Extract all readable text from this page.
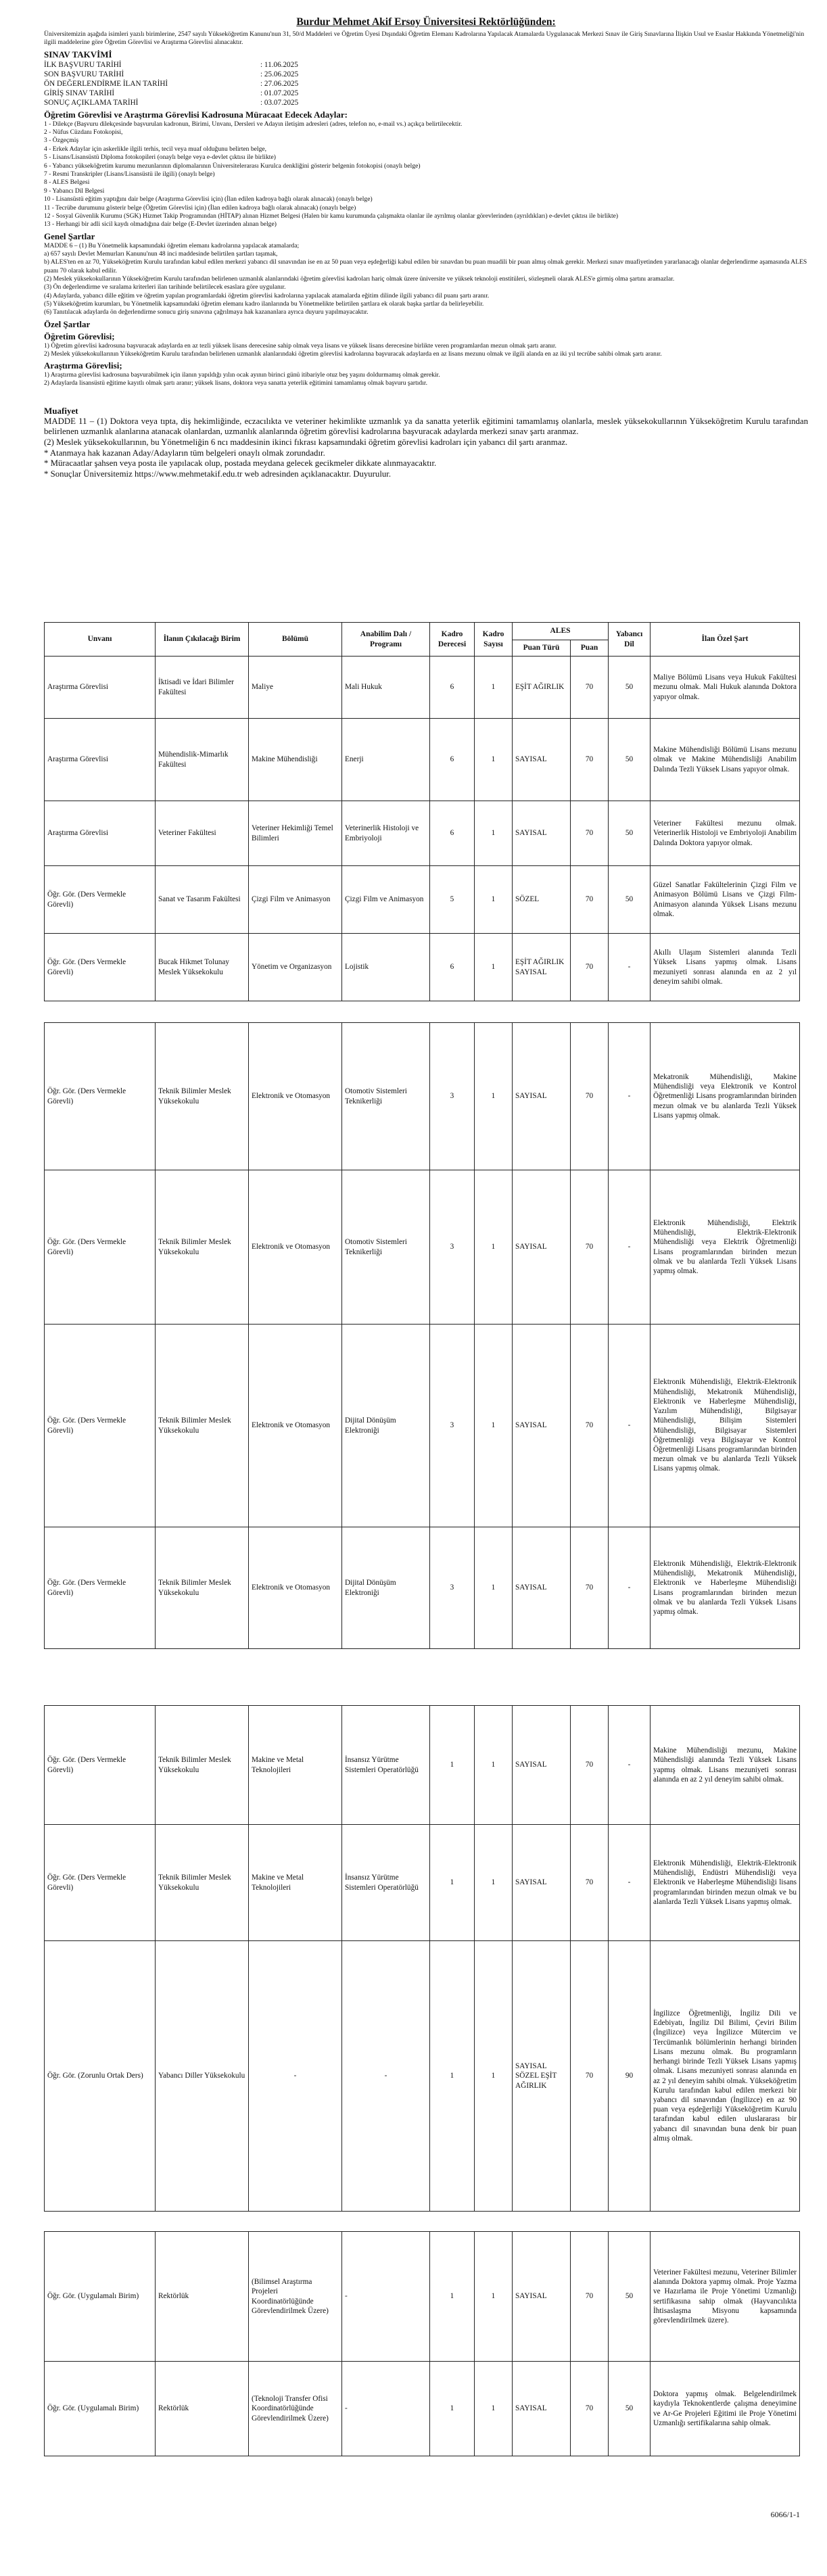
Burdur Mehmet Akif Ersoy Üniversitesi Rektörlüğünden:

Üniversitemizin aşağıda isimleri yazılı birimlerine, 2547 sayılı Yükseköğretim Kanunu'nun 31, 50/d Maddeleri ve Öğretim Üyesi Dışındaki Öğretim Elemanı Kadrolarına Yapılacak Atamalarda Uygulanacak Merkezi Sınav ile Giriş Sınavlarına İlişkin Usul ve Esaslar Hakkında Yönetmeliği'nin ilgili maddelerine göre Öğretim Görevlisi ve Araştırma Görevlisi alınacaktır.

SINAV TAKVİMİ
İLK BAŞVURU TARİHİ	: 11.06.2025
SON BAŞVURU TARİHİ	: 25.06.2025
ÖN DEĞERLENDİRME İLAN TARİHİ	: 27.06.2025
GİRİŞ SINAV TARİHİ	: 01.07.2025
SONUÇ AÇIKLAMA TARİHİ	: 03.07.2025
Öğretim Görevlisi ve Araştırma Görevlisi Kadrosuna Müracaat Edecek Adaylar:
1 - Dilekçe (Başvuru dilekçesinde başvurulan kadronun, Birimi, Unvanı, Dersleri ve Adayın iletişim adresleri (adres, telefon no, e-mail vs.) açıkça belirtilecektir.
2 - Nüfus Cüzdanı Fotokopisi,
3 - Özgeçmiş
4 - Erkek Adaylar için askerlikle ilgili terhis, tecil veya muaf olduğunu belirten belge,
5 - Lisans/Lisansüstü Diploma fotokopileri (onaylı belge veya e-devlet çıktısı ile birlikte)
6 - Yabancı yükseköğretim kurumu mezunlarının diplomalarının Üniversitelerarası Kurulca denkliğini gösterir belgenin fotokopisi (onaylı belge)
7 - Resmi Transkripler (Lisans/Lisansüstü ile ilgili) (onaylı belge)
8 - ALES Belgesi
9 - Yabancı Dil Belgesi
10 - Lisansüstü eğitim yaptığını dair belge (Araştırma Görevlisi için) (İlan edilen kadroya bağlı olarak alınacak) (onaylı belge)
11 - Tecrübe durumunu gösterir belge (Öğretim Görevlisi için) (İlan edilen kadroya bağlı olarak alınacak) (onaylı belge)
12 - Sosyal Güvenlik Kurumu (SGK) Hizmet Takip Programından (HİTAP) alınan Hizmet Belgesi (Halen bir kamu kurumunda çalışmakta olanlar ile ayrılmış olanlar görevlerinden (ayrıldıkları) e-devlet çıktısı ile birlikte)
13 - Herhangi bir adli sicil kaydı olmadığına dair belge (E-Devlet üzerinden alınan belge)
Genel Şartlar
MADDE 6 – (1) Bu Yönetmelik kapsamındaki öğretim elemanı kadrolarına yapılacak atamalarda;
a) 657 sayılı Devlet Memurları Kanunu'nun 48 inci maddesinde belirtilen şartları taşımak,
b) ALES'ten en az 70, Yükseköğretim Kurulu tarafından kabul edilen merkezi yabancı dil sınavından ise en az 50 puan veya eşdeğerliği kabul edilen bir sınavdan bu puan muadili bir puan almış olmak gerekir. Merkezi sınav muafiyetinden yararlanacağı olanlar değerlendirme aşamasında ALES puanı 70 olarak kabul edilir.
(2) Meslek yüksekokullarının Yükseköğretim Kurulu tarafından belirlenen uzmanlık alanlarındaki öğretim görevlisi kadroları hariç olmak üzere üniversite ve yüksek teknoloji enstitüleri, sözleşmeli olarak ALES'e girmiş olma şartını aramazlar.
(3) Ön değerlendirme ve sıralama kriterleri ilan tarihinde belirtilecek esaslara göre uygulanır.
(4) Adaylarda, yabancı dille eğitim ve öğretim yapılan programlardaki öğretim görevlisi kadrolarına yapılacak atamalarda eğitim dilinde ilgili yabancı dil puanı şartı aranır.
(5) Yükseköğretim kurumları, bu Yönetmelik kapsamındaki öğretim elemanı kadro ilanlarında bu Yönetmelikte belirtilen şartlara ek olarak başka şartlar da belirleyebilir.
(6) Tanıtılacak adaylarda ön değerlendirme sonucu giriş sınavına çağrılmaya hak kazananlara ayrıca duyuru yapılmayacaktır.
Özel Şartlar
Öğretim Görevlisi;
1) Öğretim görevlisi kadrosuna başvuracak adaylarda en az tezli yüksek lisans derecesine sahip olmak veya lisans ve yüksek lisans derecesine birlikte veren programlardan mezun olmak şartı aranır.
2) Meslek yüksekokullarının Yükseköğretim Kurulu tarafından belirlenen uzmanlık alanlarındaki öğretim görevlisi kadrolarına başvuracak adaylarda en az lisans mezunu olmak ve ilgili alanda en az iki yıl tecrübe sahibi olmak şartı aranır.
Araştırma Görevlisi;
1) Araştırma görevlisi kadrosuna başvurabilmek için ilanın yapıldığı yılın ocak ayının birinci günü itibariyle otuz beş yaşını doldurmamış olmak gerekir.
2) Adaylarda lisansüstü eğitime kayıtlı olmak şartı aranır; yüksek lisans, doktora veya sanatta yeterlik eğitimini tamamlamış olmak başvuru şartıdır.
Muafiyet
MADDE 11 – (1) Doktora veya tıpta, diş hekimliğinde, eczacılıkta ve veteriner hekimlikte uzmanlık ya da sanatta yeterlik eğitimini tamamlamış olanlarla, meslek yüksekokullarının Yükseköğretim Kurulu tarafından belirlenen uzmanlık alanlarına atanacak olanlardan, uzmanlık alanlarında öğretim görevlisi kadrolarına başvuracak adaylarda merkezi sınav şartı aranmaz.
(2) Meslek yüksekokullarının, bu Yönetmeliğin 6 ncı maddesinin ikinci fıkrası kapsamındaki öğretim görevlisi kadroları için yabancı dil şartı aranmaz.
* Atanmaya hak kazanan Aday/Adayların tüm belgeleri onaylı olmak zorundadır.
* Müracaatlar şahsen veya posta ile yapılacak olup, postada meydana gelecek gecikmeler dikkate alınmayacaktır.
* Sonuçlar Üniversitemiz https://www.mehmetakif.edu.tr web adresinden açıklanacaktır. Duyurulur.
Unvanı	İlanın Çıkılacağı Birim	Bölümü	Anabilim Dalı / Programı	Kadro Derecesi	Kadro Sayısı	ALES		Yabancı Dil	İlan Özel Şart
						Puan Türü	Puan		
Araştırma Görevlisi	İktisadi ve İdari Bilimler Fakültesi	Maliye	Mali Hukuk	6	1	EŞİT AĞIRLIK	70	50	Maliye Bölümü Lisans veya Hukuk Fakültesi mezunu olmak. Mali Hukuk alanında Doktora yapıyor olmak.
Araştırma Görevlisi	Mühendislik-Mimarlık Fakültesi	Makine Mühendisliği	Enerji	6	1	SAYISAL	70	50	Makine Mühendisliği Bölümü Lisans mezunu olmak ve Makine Mühendisliği Anabilim Dalında Tezli Yüksek Lisans yapıyor olmak.
Araştırma Görevlisi	Veteriner Fakültesi	Veteriner Hekimliği Temel Bilimleri	Veterinerlik Histoloji ve Embriyoloji	6	1	SAYISAL	70	50	Veteriner Fakültesi mezunu olmak. Veterinerlik Histoloji ve Embriyoloji Anabilim Dalında Doktora yapıyor olmak.
Öğr. Gör. (Ders Vermekle Görevli)	Sanat ve Tasarım Fakültesi	Çizgi Film ve Animasyon	Çizgi Film ve Animasyon	5	1	SÖZEL	70	50	Güzel Sanatlar Fakültelerinin Çizgi Film ve Animasyon Bölümü Lisans ve Çizgi Film-Animasyon alanında Yüksek Lisans mezunu olmak.
Öğr. Gör. (Ders Vermekle Görevli)	Bucak Hikmet Tolunay Meslek Yüksekokulu	Yönetim ve Organizasyon	Lojistik	6	1	EŞİT AĞIRLIK SAYISAL	70	-	Akıllı Ulaşım Sistemleri alanında Tezli Yüksek Lisans yapmış olmak. Lisans mezuniyeti sonrası alanında en az 2 yıl deneyim sahibi olmak.
Öğr. Gör. (Ders Vermekle Görevli)	Teknik Bilimler Meslek Yüksekokulu	Elektronik ve Otomasyon	Otomotiv Sistemleri Teknikerliği	3	1	SAYISAL	70	-	Mekatronik Mühendisliği, Makine Mühendisliği veya Elektronik ve Kontrol Öğretmenliği Lisans programlarından birinden mezun olmak ve bu alanlarda Tezli Yüksek Lisans yapmış olmak.
Öğr. Gör. (Ders Vermekle Görevli)	Teknik Bilimler Meslek Yüksekokulu	Elektronik ve Otomasyon	Otomotiv Sistemleri Teknikerliği	3	1	SAYISAL	70	-	Elektronik Mühendisliği, Elektrik Mühendisliği, Elektrik-Elektronik Mühendisliği veya Elektrik Öğretmenliği Lisans programlarından birinden mezun olmak ve bu alanlarda Tezli Yüksek Lisans yapmış olmak.
Öğr. Gör. (Ders Vermekle Görevli)	Teknik Bilimler Meslek Yüksekokulu	Elektronik ve Otomasyon	Dijital Dönüşüm Elektroniği	3	1	SAYISAL	70	-	Elektronik Mühendisliği, Elektrik-Elektronik Mühendisliği, Mekatronik Mühendisliği, Elektronik ve Haberleşme Mühendisliği, Yazılım Mühendisliği, Bilgisayar Mühendisliği, Bilişim Sistemleri Mühendisliği, Bilgisayar Sistemleri Öğretmenliği veya Bilgisayar ve Kontrol Öğretmenliği Lisans programlarından birinden mezun olmak ve bu alanlarda Tezli Yüksek Lisans yapmış olmak.
Öğr. Gör. (Ders Vermekle Görevli)	Teknik Bilimler Meslek Yüksekokulu	Elektronik ve Otomasyon	Dijital Dönüşüm Elektroniği	3	1	SAYISAL	70	-	Elektronik Mühendisliği, Elektrik-Elektronik Mühendisliği, Mekatronik Mühendisliği, Elektronik ve Haberleşme Mühendisliği Lisans programlarından birinden mezun olmak ve bu alanlarda Tezli Yüksek Lisans yapmış olmak.
Öğr. Gör. (Ders Vermekle Görevli)	Teknik Bilimler Meslek Yüksekokulu	Makine ve Metal Teknolojileri	İnsansız Yürütme Sistemleri Operatörlüğü	1	1	SAYISAL	70	-	Makine Mühendisliği mezunu, Makine Mühendisliği alanında Tezli Yüksek Lisans yapmış olmak. Lisans mezuniyeti sonrası alanında en az 2 yıl deneyim sahibi olmak.
Öğr. Gör. (Ders Vermekle Görevli)	Teknik Bilimler Meslek Yüksekokulu	Makine ve Metal Teknolojileri	İnsansız Yürütme Sistemleri Operatörlüğü	1	1	SAYISAL	70	-	Elektronik Mühendisliği, Elektrik-Elektronik Mühendisliği, Endüstri Mühendisliği veya Elektronik ve Haberleşme Mühendisliği lisans programlarından birinden mezun olmak ve bu alanlarda Tezli Yüksek Lisans yapmış olmak.
Öğr. Gör. (Zorunlu Ortak Ders)	Yabancı Diller Yüksekokulu	-	-	1	1	SAYISAL SÖZEL EŞİT AĞIRLIK	70	90	İngilizce Öğretmenliği, İngiliz Dili ve Edebiyatı, İngiliz Dil Bilimi, Çeviri Bilim (İngilizce) veya İngilizce Mütercim ve Tercümanlık bölümlerinin herhangi birinden Lisans mezunu olmak. Bu programların herhangi birinde Tezli Yüksek Lisans yapmış olmak. Lisans mezuniyeti sonrası alanında en az 2 yıl deneyim sahibi olmak. Yükseköğretim Kurulu tarafından kabul edilen merkezi bir yabancı dil sınavından (İngilizce) en az 90 puan veya eşdeğerliği Yükseköğretim Kurulu tarafından kabul edilen uluslararası bir yabancı dil sınavından buna denk bir puan almış olmak.
Öğr. Gör. (Uygulamalı Birim)	Rektörlük	(Bilimsel Araştırma Projeleri Koordinatörlüğünde Görevlendirilmek Üzere)	-	1	1	SAYISAL	70	50	Veteriner Fakültesi mezunu, Veteriner Bilimler alanında Doktora yapmış olmak. Proje Yazma ve Hazırlama ile Proje Yönetimi Uzmanlığı sertifikasına sahip olmak (Hayvancılıkta İhtisaslaşma Misyonu kapsamında görevlendirilmek üzere).
Öğr. Gör. (Uygulamalı Birim)	Rektörlük	(Teknoloji Transfer Ofisi Koordinatörlüğünde Görevlendirilmek Üzere)	-	1	1	SAYISAL	70	50	Doktora yapmış olmak. Belgelendirilmek kaydıyla Teknokentlerde çalışma deneyimine ve Ar-Ge Projeleri Eğitimi ile Proje Yönetimi Uzmanlığı sertifikalarına sahip olmak.
6066/1-1
